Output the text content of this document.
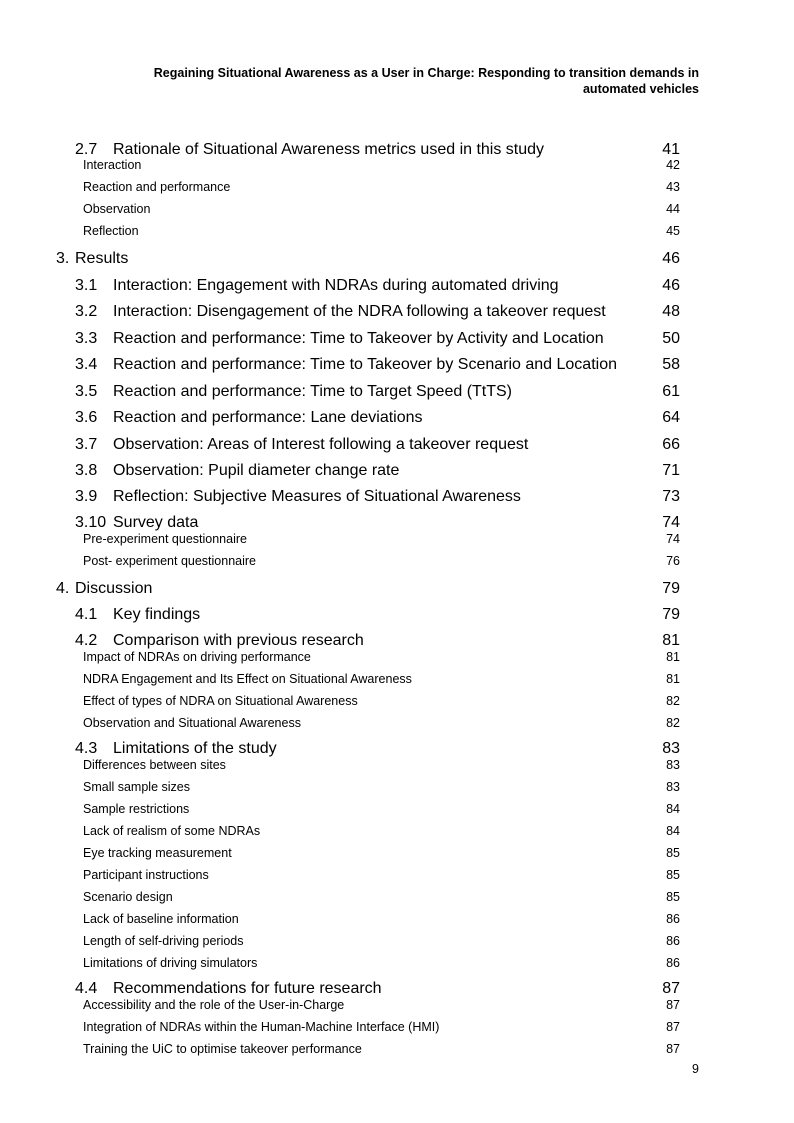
Regaining Situational Awareness as a User in Charge: Responding to transition demands in
automated vehicles
2.7 Rationale of Situational Awareness metrics used in this study	41
Interaction	42
Reaction and performance	43
Observation	44
Reflection	45
3. Results	46
3.1 Interaction: Engagement with NDRAs during automated driving	46
3.2 Interaction: Disengagement of the NDRA following a takeover request	48
3.3 Reaction and performance: Time to Takeover by Activity and Location	50
3.4 Reaction and performance: Time to Takeover by Scenario and Location	58
3.5 Reaction and performance: Time to Target Speed (TtTS)	61
3.6 Reaction and performance: Lane deviations	64
3.7 Observation: Areas of Interest following a takeover request	66
3.8 Observation: Pupil diameter change rate	71
3.9 Reflection: Subjective Measures of Situational Awareness	73
3.10 Survey data	74
Pre-experiment questionnaire	74
Post- experiment questionnaire	76
4. Discussion	79
4.1 Key findings	79
4.2 Comparison with previous research	81
Impact of NDRAs on driving performance	81
NDRA Engagement and Its Effect on Situational Awareness	81
Effect of types of NDRA on Situational Awareness	82
Observation and Situational Awareness	82
4.3 Limitations of the study	83
Differences between sites	83
Small sample sizes	83
Sample restrictions	84
Lack of realism of some NDRAs	84
Eye tracking measurement	85
Participant instructions	85
Scenario design	85
Lack of baseline information	86
Length of self-driving periods	86
Limitations of driving simulators	86
4.4 Recommendations for future research	87
Accessibility and the role of the User-in-Charge	87
Integration of NDRAs within the Human-Machine Interface (HMI)	87
Training the UiC to optimise takeover performance	87
9
